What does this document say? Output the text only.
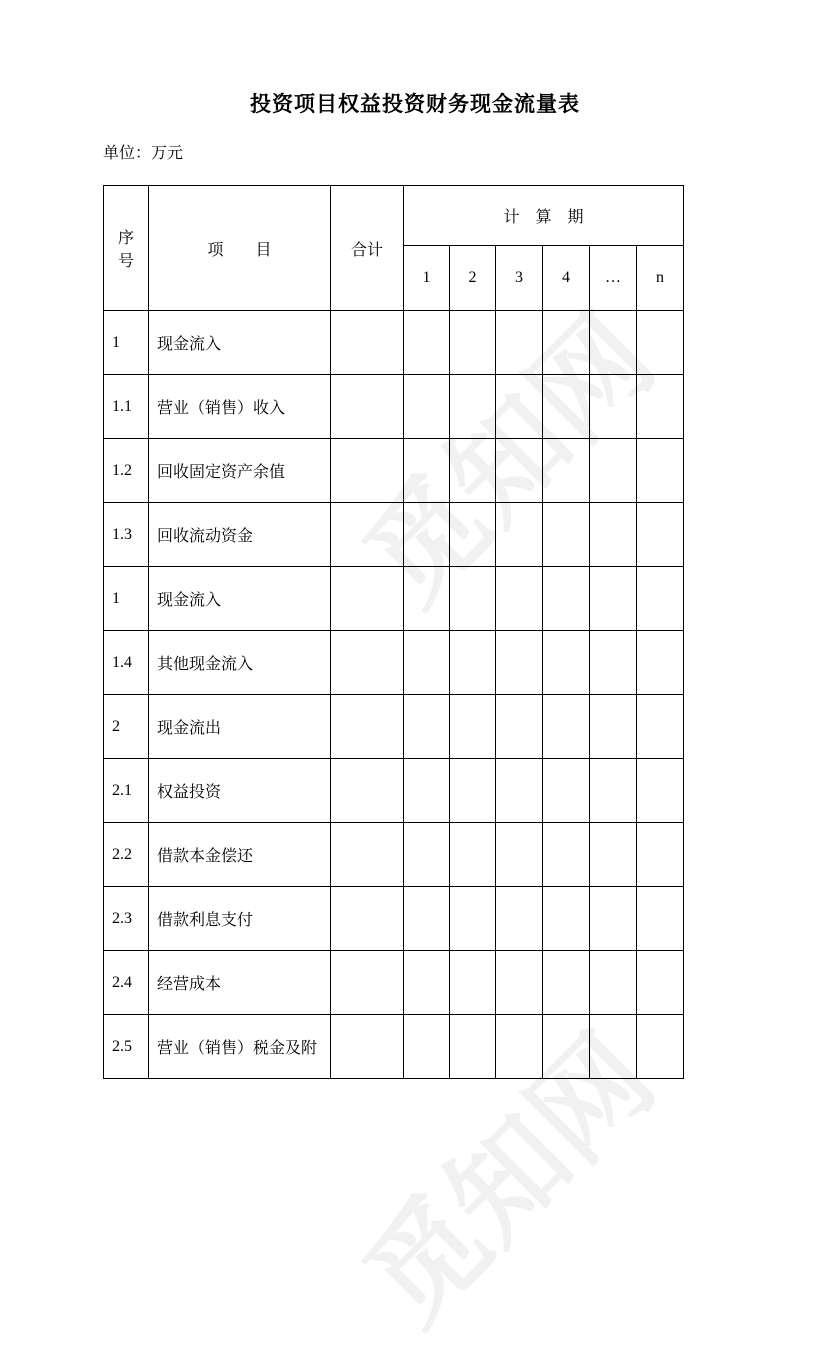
觅知网
觅知网
投资项目权益投资财务现金流量表
单位：万元
序号	项　　目	合计	计　算　期					
			1	2	3	4	…	n
1	现金流入							
1.1	营业（销售）收入							
1.2	回收固定资产余值							
1.3	回收流动资金							
1	现金流入							
1.4	其他现金流入							
2	现金流出							
2.1	权益投资							
2.2	借款本金偿还							
2.3	借款利息支付							
2.4	经营成本							
2.5	营业（销售）税金及附							
